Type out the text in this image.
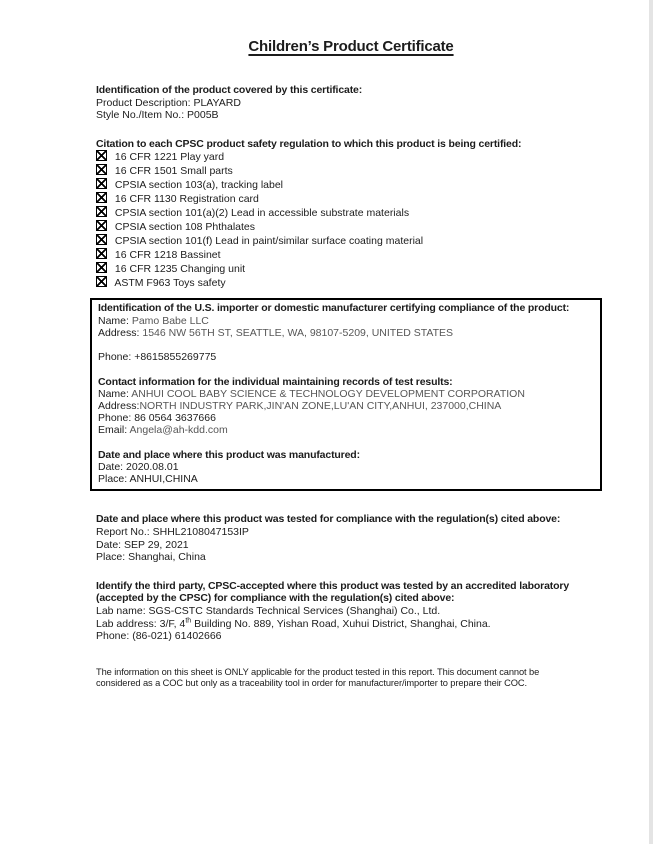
Children’s Product Certificate

Identification of the product covered by this certificate:

Product Description: PLAYARD

Style No./Item No.: P005B

Citation to each CPSC product safety regulation to which this product is being certified:

16 CFR 1221 Play yard

16 CFR 1501 Small parts

CPSIA section 103(a), tracking label

16 CFR 1130 Registration card

CPSIA section 101(a)(2) Lead in accessible substrate materials

CPSIA section 108 Phthalates

CPSIA section 101(f) Lead in paint/similar surface coating material

16 CFR 1218 Bassinet

16 CFR 1235 Changing unit

ASTM F963 Toys safety

Identification of the U.S. importer or domestic manufacturer certifying compliance of the product:

Name: Pamo Babe LLC

Address: 1546 NW 56TH ST, SEATTLE, WA, 98107-5209, UNITED STATES

Phone: +8615855269775

Contact information for the individual maintaining records of test results:

Name: ANHUI COOL BABY SCIENCE & TECHNOLOGY DEVELOPMENT CORPORATION

Address:NORTH INDUSTRY PARK,JIN'AN ZONE,LU'AN CITY,ANHUI, 237000,CHINA

Phone: 86 0564 3637666

Email: Angela@ah-kdd.com

Date and place where this product was manufactured:

Date: 2020.08.01

Place: ANHUI,CHINA

Date and place where this product was tested for compliance with the regulation(s) cited above:

Report No.: SHHL2108047153IP

Date: SEP 29, 2021

Place: Shanghai, China

Identify the third party, CPSC-accepted where this product was tested by an accredited laboratory

(accepted by the CPSC) for compliance with the regulation(s) cited above:

Lab name: SGS-CSTC Standards Technical Services (Shanghai) Co., Ltd.

Lab address: 3/F, 4th Building No. 889, Yishan Road, Xuhui District, Shanghai, China.

Phone: (86-021) 61402666

The information on this sheet is ONLY applicable for the product tested in this report. This document cannot be

considered as a COC but only as a traceability tool in order for manufacturer/importer to prepare their COC.
